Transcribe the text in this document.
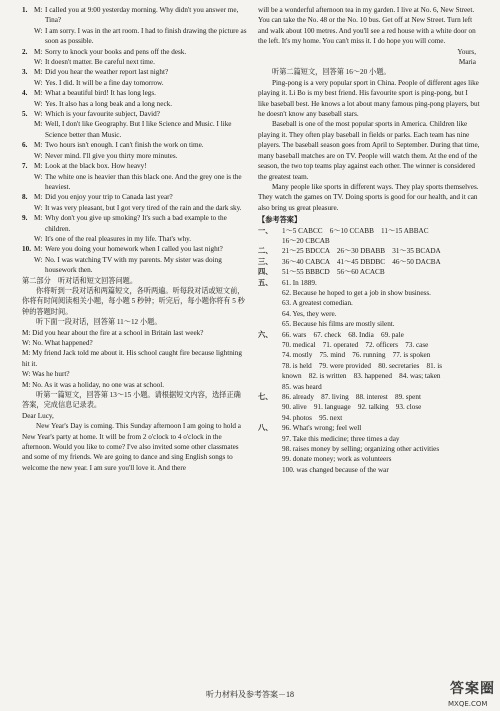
1. M: I called you at 9:00 yesterday morning. Why didn't you answer me, Tina?
W: I am sorry. I was in the art room. I had to finish drawing the picture as soon as possible.
2. M: Sorry to knock your books and pens off the desk.
W: It doesn't matter. Be careful next time.
3. M: Did you hear the weather report last night?
W: Yes. I did. It will be a fine day tomorrow.
4. M: What a beautiful bird! It has long legs.
W: Yes. It also has a long beak and a long neck.
5. W: Which is your favourite subject, David?
M: Well, I don't like Geography. But I like Science and Music. I like Science better than Music.
6. M: Two hours isn't enough. I can't finish the work on time.
W: Never mind. I'll give you thirty more minutes.
7. M: Look at the black box. How heavy!
W: The white one is heavier than this black one. And the grey one is the heaviest.
8. M: Did you enjoy your trip to Canada last year?
W: It was very pleasant, but I got very tired of the rain and the dark sky.
9. M: Why don't you give up smoking? It's such a bad example to the children.
W: It's one of the real pleasures in my life. That's why.
10. M: Were you doing your homework when I called you last night?
W: No. I was watching TV with my parents. My sister was doing housework then.

第二部分　听对话和短文回答问题。

你将听到一段对话和两篇短文，各听两遍。听每段对话或短文前，你将有时间阅读相关小题，每小题 5 秒钟；听完后，每小题你将有 5 秒钟的答题时间。

听下面一段对话，回答第 11～12 小题。

M: Did you hear about the fire at a school in Britain last week?

W: No. What happened?

M: My friend Jack told me about it. His school caught fire because lightning hit it.

W: Was he hurt?

M: No. As it was a holiday, no one was at school.

听第一篇短文，回答第 13～15 小题。请根据短文内容，选择正确答案，完成信息记录表。

Dear Lucy,

New Year's Day is coming. This Sunday afternoon I am going to hold a New Year's party at home. It will be from 2 o'clock to 4 o'clock in the afternoon. Would you like to come? I've also invited some other classmates and some of my friends. We are going to dance and sing English songs to welcome the new year. I am sure you'll love it. And there

will be a wonderful afternoon tea in my garden. I live at No. 6, New Street. You can take the No. 48 or the No. 10 bus. Get off at New Street. Turn left and walk about 100 metres. And you'll see a red house with a white door on the left. It's my home. You can't miss it. I do hope you will come.

Yours,

Maria

听第二篇短文，回答第 16～20 小题。

Ping-pong is a very popular sport in China. People of different ages like playing it. Li Bo is my best friend. His favourite sport is ping-pong, but I like baseball best. He knows a lot about many famous ping-pong players, but he doesn't know any baseball stars.

Baseball is one of the most popular sports in America. Children like playing it. They often play baseball in fields or parks. Each team has nine players. The baseball season goes from April to September. During that time, many baseball matches are on TV. People will watch them. At the end of the season, the two top teams play against each other. The winner is considered the greatest team.

Many people like sports in different ways. They play sports themselves. They watch the games on TV. Doing sports is good for our health, and it can also bring us great pleasure.

【参考答案】

一、	1～5 CABCC　6～10 CCABB　11～15 ABBAC
16～20 CBCAB
二、	21～25 BDCCA　26～30 DBABB　31～35 BCADA
三、	36～40 CABCA　41～45 DBDBC　46～50 DACBA
四、	51～55 BBBCD　56～60 ACACB
五、	61. In 1889.
62. Because he hoped to get a job in show business.
63. A greatest comedian.
64. Yes, they were.
65. Because his films are mostly silent.
六、	66. wars　67. check　68. India　69. pale
70. medical　71. operated　72. officers　73. case
74. mostly　75. mind　76. running　77. is spoken
78. is held　79. were provided　80. secretaries　81. is
known　82. is written　83. happened　84. was; taken
85. was heard
七、	86. already　87. living　88. interest　89. spent
90. alive　91. language　92. talking　93. close
94. photos　95. next
八、	96. What's wrong; feel well
97. Take this medicine; three times a day
98. raises money by selling; organizing other activities
99. donate money; work as volunteers
100. was changed because of the war
听力材料及参考答案－18	答案圈
MXQE.COM
